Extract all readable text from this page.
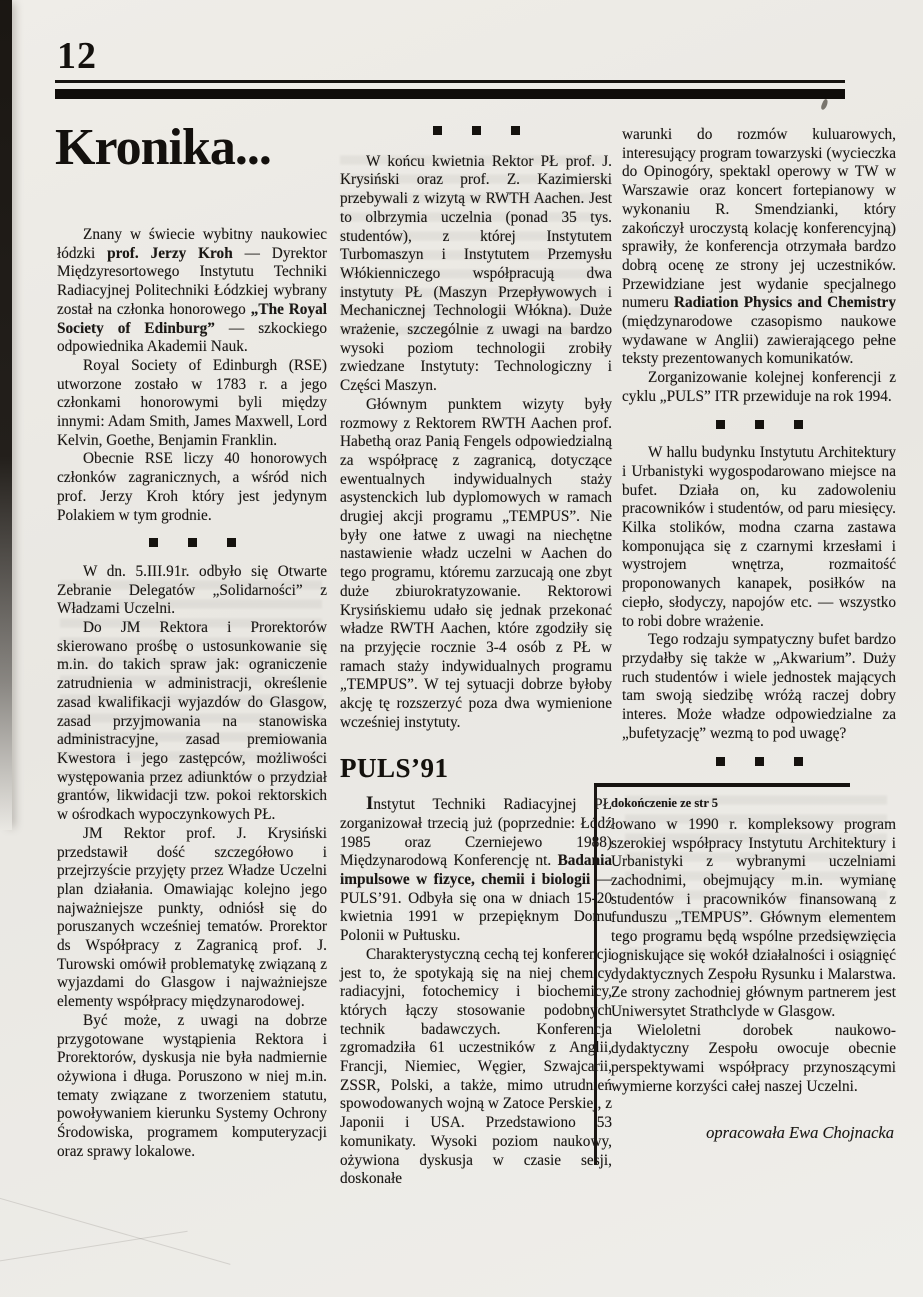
12
Kronika...

Znany w świecie wybitny naukowiec łódzki prof. Jerzy Kroh — Dyrektor Międzyresortowego Instytutu Techniki Radiacyjnej Politechniki Łódzkiej wybrany został na członka honorowego „The Royal Society of Edinburg” — szkockiego odpowiednika Akademii Nauk.

Royal Society of Edinburgh (RSE) utworzone zostało w 1783 r. a jego członkami honorowymi byli między innymi: Adam Smith, James Maxwell, Lord Kelvin, Goethe, Benjamin Franklin.

Obecnie RSE liczy 40 honorowych członków zagranicznych, a wśród nich prof. Jerzy Kroh który jest jedynym Polakiem w tym grodnie.

W dn. 5.III.91r. odbyło się Otwarte Zebranie Delegatów „Solidarności” z Władzami Uczelni.

Do JM Rektora i Prorektorów skierowano prośbę o ustosunkowanie się m.in. do takich spraw jak: ograniczenie zatrudnienia w administracji, określenie zasad kwalifikacji wyjazdów do Glasgow, zasad przyjmowania na stanowiska administracyjne, zasad premiowania Kwestora i jego zastępców, możliwości występowania przez adiunktów o przydział grantów, likwidacji tzw. pokoi rektorskich w ośrodkach wypoczynkowych PŁ.

JM Rektor prof. J. Krysiński przedstawił dość szczegółowo i przejrzyście przyjęty przez Władze Uczelni plan działania. Omawiając kolejno jego najważniejsze punkty, odniósł się do poruszanych wcześniej tematów. Prorektor ds Współpracy z Zagranicą prof. J. Turowski omówił problematykę związaną z wyjazdami do Glasgow i najważniejsze elementy współpracy międzynarodowej.

Być może, z uwagi na dobrze przygotowane wystąpienia Rektora i Prorektorów, dyskusja nie była nadmiernie ożywiona i długa. Poruszono w niej m.in. tematy związane z tworzeniem statutu, powoływaniem kierunku Systemy Ochrony Środowiska, programem komputeryzacji oraz sprawy lokalowe.

W końcu kwietnia Rektor PŁ prof. J. Krysiński oraz prof. Z. Kazimierski przebywali z wizytą w RWTH Aachen. Jest to olbrzymia uczelnia (ponad 35 tys. studentów), z której Instytutem Turbomaszyn i Instytutem Przemysłu Włókienniczego współpracują dwa instytuty PŁ (Maszyn Przepływowych i Mechanicznej Technologii Włókna). Duże wrażenie, szczególnie z uwagi na bardzo wysoki poziom technologii zrobiły zwiedzane Instytuty: Technologiczny i Części Maszyn.

Głównym punktem wizyty były rozmowy z Rektorem RWTH Aachen prof. Habethą oraz Panią Fengels odpowiedzialną za współpracę z zagranicą, dotyczące ewentualnych indywidualnych staży asystenckich lub dyplomowych w ramach drugiej akcji programu „TEMPUS”. Nie były one łatwe z uwagi na niechętne nastawienie władz uczelni w Aachen do tego programu, któremu zarzucają one zbyt duże zbiurokratyzowanie. Rektorowi Krysińskiemu udało się jednak przekonać władze RWTH Aachen, które zgodziły się na przyjęcie rocznie 3-4 osób z PŁ w ramach staży indywidualnych programu „TEMPUS”. W tej sytuacji dobrze byłoby akcję tę rozszerzyć poza dwa wymienione wcześniej instytuty.

PULS’91

Instytut Techniki Radiacyjnej PŁ zorganizował trzecią już (poprzednie: Łódź 1985 oraz Czerniejewo 1988) Międzynarodową Konferencję nt. Badania impulsowe w fizyce, chemii i biologii — PULS’91. Odbyła się ona w dniach 15-20 kwietnia 1991 w przepięknym Domu Polonii w Pułtusku.

Charakterystyczną cechą tej konferencji jest to, że spotykają się na niej chemicy radiacyjni, fotochemicy i biochemicy, których łączy stosowanie podobnych technik badawczych. Konferencja zgromadziła 61 uczestników z Anglii, Francji, Niemiec, Węgier, Szwajcarii, ZSSR, Polski, a także, mimo utrudnień spowodowanych wojną w Zatoce Perskiej, z Japonii i USA. Przedstawiono 53 komunikaty. Wysoki poziom naukowy, ożywiona dyskusja w czasie sesji, doskonałe

warunki do rozmów kuluarowych, interesujący program towarzyski (wycieczka do Opinogóry, spektakl operowy w TW w Warszawie oraz koncert fortepianowy w wykonaniu R. Smendzianki, który zakończył uroczystą kolację konferencyjną) sprawiły, że konferencja otrzymała bardzo dobrą ocenę ze strony jej uczestników. Przewidziane jest wydanie specjalnego numeru Radiation Physics and Chemistry (międzynarodowe czasopismo naukowe wydawane w Anglii) zawierającego pełne teksty prezentowanych komunikatów.

Zorganizowanie kolejnej konferencji z cyklu „PULS” ITR przewiduje na rok 1994.

W hallu budynku Instytutu Architektury i Urbanistyki wygospodarowano miejsce na bufet. Działa on, ku zadowoleniu pracowników i studentów, od paru miesięcy. Kilka stolików, modna czarna zastawa komponująca się z czarnymi krzesłami i wystrojem wnętrza, rozmaitość proponowanych kanapek, posiłków na ciepło, słodyczy, napojów etc. — wszystko to robi dobre wrażenie.

Tego rodzaju sympatyczny bufet bardzo przydałby się także w „Akwarium”. Duży ruch studentów i wiele jednostek mających tam swoją siedzibę wróżą raczej dobry interes. Może władze odpowiedzialne za „bufetyzację” wezmą to pod uwagę?

dokończenie ze str 5

łowano w 1990 r. kompleksowy program szerokiej współpracy Instytutu Architektury i Urbanistyki z wybranymi uczelniami zachodnimi, obejmujący m.in. wymianę studentów i pracowników finansowaną z funduszu „TEMPUS”. Głównym elementem tego programu będą wspólne przedsięwzięcia ogniskujące się wokół działalności i osiągnięć dydaktycznych Zespołu Rysunku i Malarstwa. Ze strony zachodniej głównym partnerem jest Uniwersytet Strathclyde w Glasgow.

Wieloletni dorobek naukowo-dydaktyczny Zespołu owocuje obecnie perspektywami współpracy przynoszącymi wymierne korzyści całej naszej Uczelni.

opracowała Ewa Chojnacka
